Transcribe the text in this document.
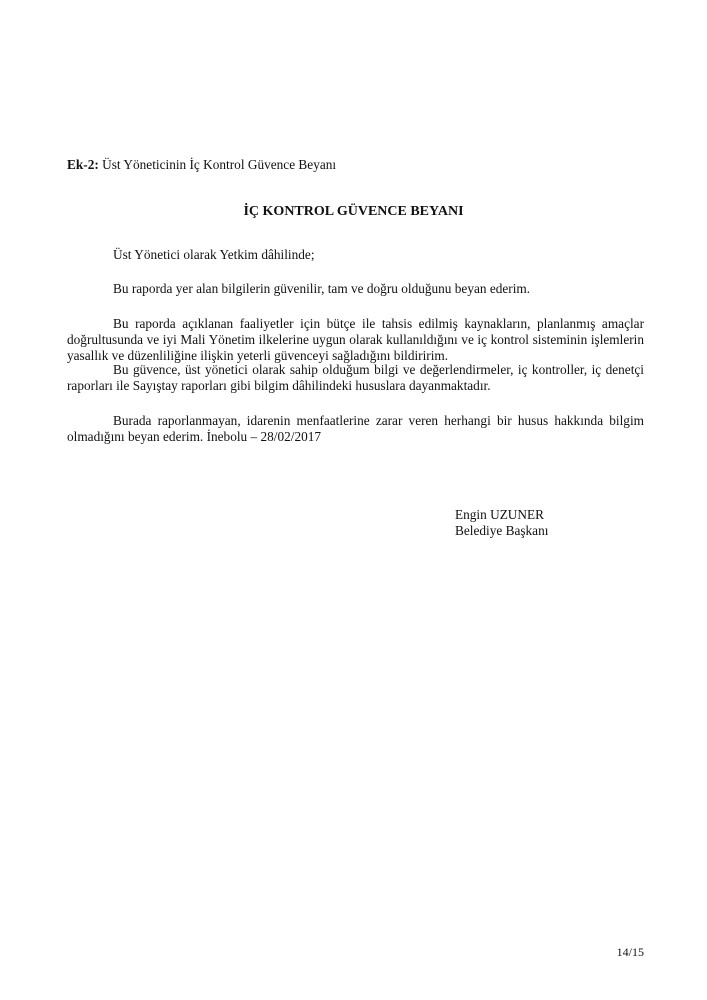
Ek-2: Üst Yöneticinin İç Kontrol Güvence Beyanı
İÇ KONTROL GÜVENCE BEYANI
Üst Yönetici olarak Yetkim dâhilinde;
Bu raporda yer alan bilgilerin güvenilir, tam ve doğru olduğunu beyan ederim.
Bu raporda açıklanan faaliyetler için bütçe ile tahsis edilmiş kaynakların, planlanmış amaçlar doğrultusunda ve iyi Mali Yönetim ilkelerine uygun olarak kullanıldığını ve iç kontrol sisteminin işlemlerin yasallık ve düzenliliğine ilişkin yeterli güvenceyi sağladığını bildiririm.
Bu güvence, üst yönetici olarak sahip olduğum bilgi ve değerlendirmeler, iç kontroller, iç denetçi raporları ile Sayıştay raporları gibi bilgim dâhilindeki hususlara dayanmaktadır.
Burada raporlanmayan, idarenin menfaatlerine zarar veren herhangi bir husus hakkında bilgim olmadığını beyan ederim. İnebolu – 28/02/2017
Engin UZUNER
Belediye Başkanı
14/15
